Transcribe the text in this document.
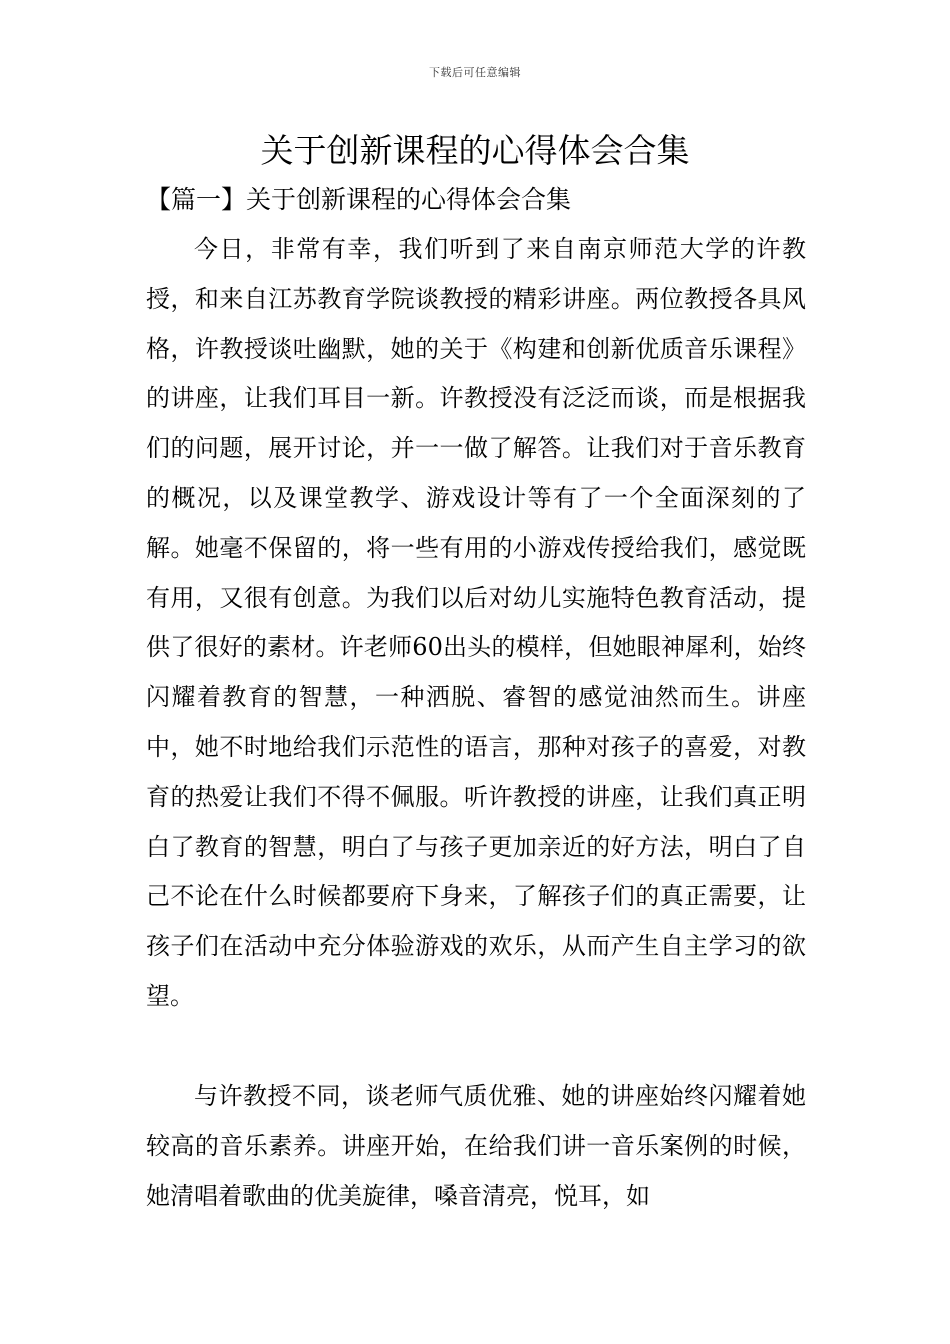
下载后可任意编辑
关于创新课程的心得体会合集
【篇一】关于创新课程的心得体会合集

今日，非常有幸，我们听到了来自南京师范大学的许教授，和来自江苏教育学院谈教授的精彩讲座。两位教授各具风格，许教授谈吐幽默，她的关于《构建和创新优质音乐课程》的讲座，让我们耳目一新。许教授没有泛泛而谈，而是根据我们的问题，展开讨论，并一一做了解答。让我们对于音乐教育的概况，以及课堂教学、游戏设计等有了一个全面深刻的了解。她毫不保留的，将一些有用的小游戏传授给我们，感觉既有用，又很有创意。为我们以后对幼儿实施特色教育活动，提供了很好的素材。许老师60出头的模样，但她眼神犀利，始终闪耀着教育的智慧，一种洒脱、睿智的感觉油然而生。讲座中，她不时地给我们示范性的语言，那种对孩子的喜爱，对教育的热爱让我们不得不佩服。听许教授的讲座，让我们真正明白了教育的智慧，明白了与孩子更加亲近的好方法，明白了自己不论在什么时候都要府下身来，了解孩子们的真正需要，让孩子们在活动中充分体验游戏的欢乐，从而产生自主学习的欲望。

与许教授不同，谈老师气质优雅、她的讲座始终闪耀着她较高的音乐素养。讲座开始，在给我们讲一音乐案例的时候，她清唱着歌曲的优美旋律，嗓音清亮，悦耳，如
